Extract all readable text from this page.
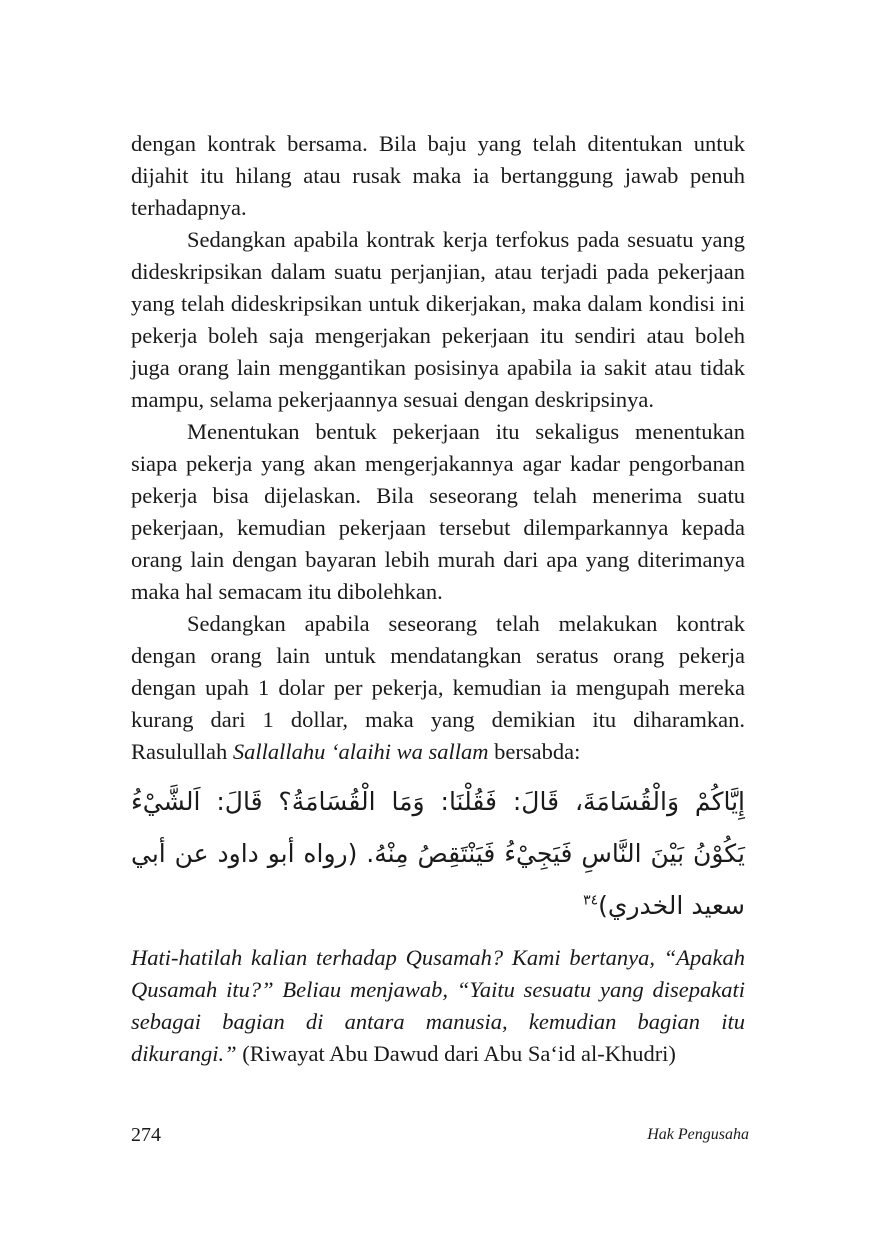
dengan kontrak bersama. Bila baju yang telah ditentukan untuk dijahit itu hilang atau rusak maka ia bertanggung jawab penuh terhadapnya.

Sedangkan apabila kontrak kerja terfokus pada sesuatu yang dideskripsikan dalam suatu perjanjian, atau terjadi pada pekerjaan yang telah dideskripsikan untuk dikerjakan, maka dalam kondisi ini pekerja boleh saja mengerjakan pekerjaan itu sendiri atau boleh juga orang lain menggantikan posisinya apabila ia sakit atau tidak mampu, selama pekerjaannya sesuai dengan deskripsinya.

Menentukan bentuk pekerjaan itu sekaligus menentukan siapa pekerja yang akan mengerjakannya agar kadar pengorbanan pekerja bisa dijelaskan. Bila seseorang telah menerima suatu pekerjaan, kemudian pekerjaan tersebut dilemparkannya kepada orang lain dengan bayaran lebih murah dari apa yang diterimanya maka hal semacam itu dibolehkan.

Sedangkan apabila seseorang telah melakukan kontrak dengan orang lain untuk mendatangkan seratus orang pekerja dengan upah 1 dolar per pekerja, kemudian ia mengupah mereka kurang dari 1 dollar, maka yang demikian itu diharamkan. Rasulullah Sallallahu ‘alaihi wa sallam bersabda:

إِيَّاكُمْ وَالْقُسَامَةَ، قَالَ: فَقُلْنَا: وَمَا الْقُسَامَةُ؟ قَالَ: اَلشَّيْءُ يَكُوْنُ بَيْنَ النَّاسِ فَيَجِيْءُ فَيَنْتَقِصُ مِنْهُ. (رواه أبو داود عن أبي سعيد الخدري)$^{٣٤}$

Hati-hatilah kalian terhadap Qusamah? Kami bertanya, “Apakah Qusamah itu?” Beliau menjawab, “Yaitu sesuatu yang disepakati sebagai bagian di antara manusia, kemudian bagian itu dikurangi.” (Riwayat Abu Dawud dari Abu Sa‘id al-Khudri)

274	Hak Pengusaha
